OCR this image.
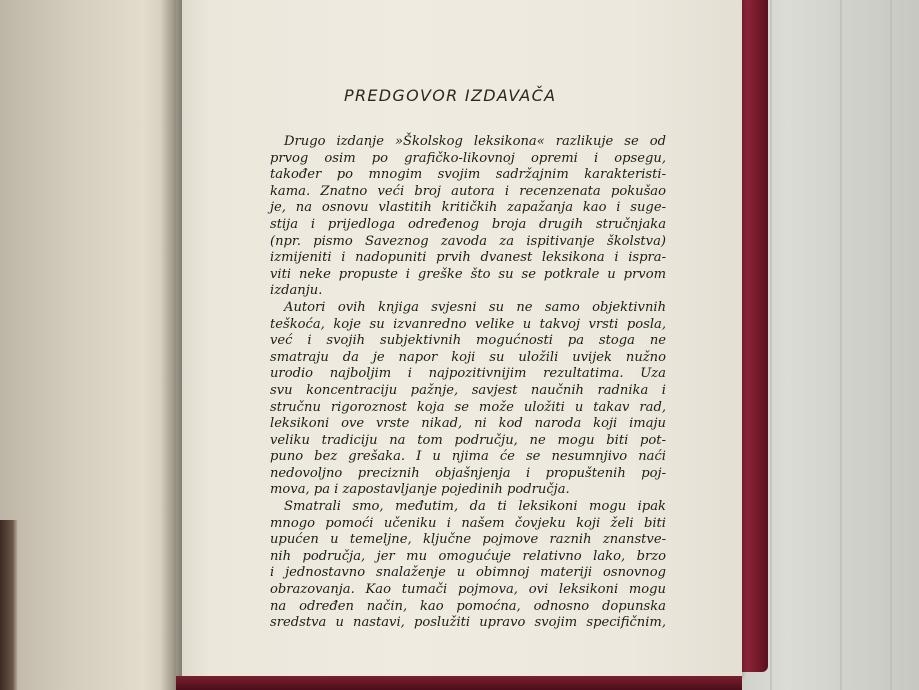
PREDGOVOR IZDAVAČA
Drugo izdanje »Školskog leksikona« razlikuje se od
prvog osim po grafičko-likovnoj opremi i opsegu,
također po mnogim svojim sadržajnim karakteristi-
kama. Znatno veći broj autora i recenzenata pokušao
je, na osnovu vlastitih kritičkih zapažanja kao i suge-
stija i prijedloga određenog broja drugih stručnjaka
(npr. pismo Saveznog zavoda za ispitivanje školstva)
izmijeniti i nadopuniti prvih dvanest leksikona i ispra-
viti neke propuste i greške što su se potkrale u prvom
izdanju.
Autori ovih knjiga svjesni su ne samo objektivnih
teškoća, koje su izvanredno velike u takvoj vrsti posla,
već i svojih subjektivnih mogućnosti pa stoga ne
smatraju da je napor koji su uložili uvijek nužno
urodio najboljim i najpozitivnijim rezultatima. Uza
svu koncentraciju pažnje, savjest naučnih radnika i
stručnu rigoroznost koja se može uložiti u takav rad,
leksikoni ove vrste nikad, ni kod naroda koji imaju
veliku tradiciju na tom području, ne mogu biti pot-
puno bez grešaka. I u njima će se nesumnjivo naći
nedovoljno preciznih objašnjenja i propuštenih poj-
mova, pa i zapostavljanje pojedinih područja.
Smatrali smo, međutim, da ti leksikoni mogu ipak
mnogo pomoći učeniku i našem čovjeku koji želi biti
upućen u temeljne, ključne pojmove raznih znanstve-
nih područja, jer mu omogućuje relativno lako, brzo
i jednostavno snalaženje u obimnoj materiji osnovnog
obrazovanja. Kao tumači pojmova, ovi leksikoni mogu
na određen način, kao pomoćna, odnosno dopunska
sredstva u nastavi, poslužiti upravo svojim specifičnim,
